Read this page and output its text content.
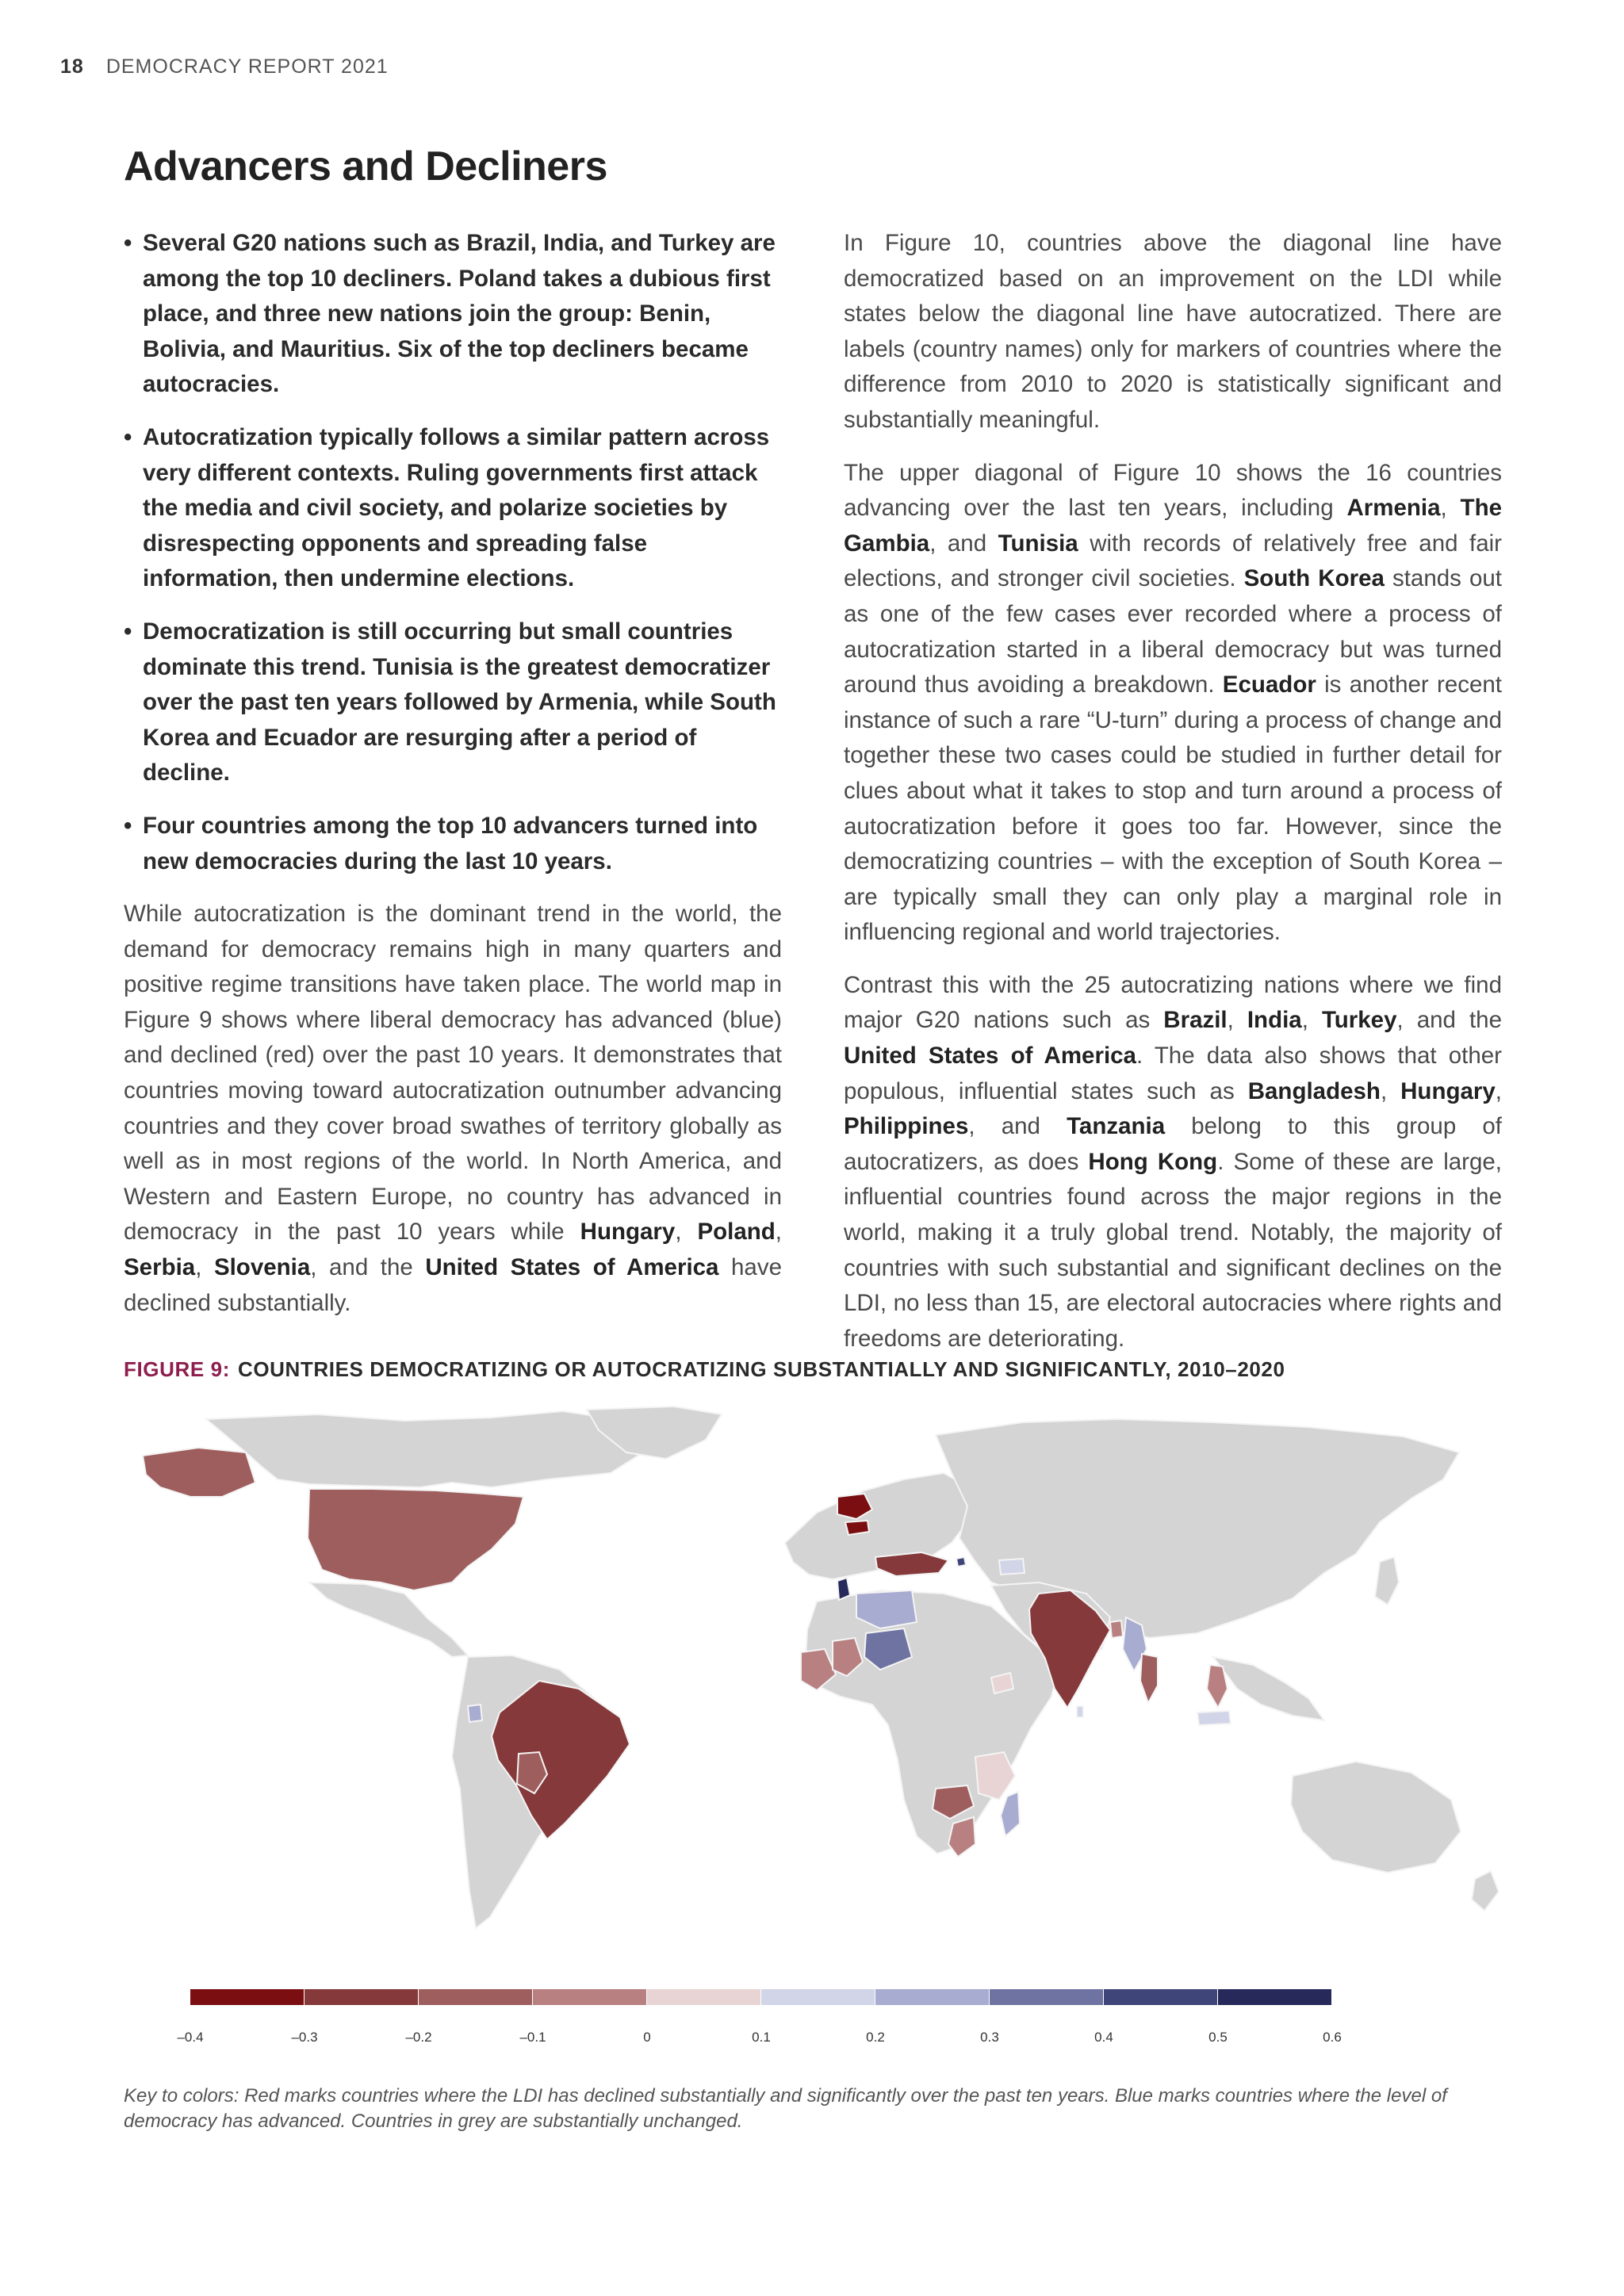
18 DEMOCRACY REPORT 2021
Advancers and Decliners
• Several G20 nations such as Brazil, India, and Turkey are among the top 10 decliners. Poland takes a dubious first place, and three new nations join the group: Benin, Bolivia, and Mauritius. Six of the top decliners became autocracies.
• Autocratization typically follows a similar pattern across very different contexts. Ruling governments first attack the media and civil society, and polarize societies by disrespecting opponents and spreading false information, then undermine elections.
• Democratization is still occurring but small countries dominate this trend. Tunisia is the greatest democratizer over the past ten years followed by Armenia, while South Korea and Ecuador are resurging after a period of decline.
• Four countries among the top 10 advancers turned into new democracies during the last 10 years.

While autocratization is the dominant trend in the world, the demand for democracy remains high in many quarters and positive regime transitions have taken place. The world map in Figure 9 shows where liberal democracy has advanced (blue) and declined (red) over the past 10 years. It demonstrates that countries moving toward autocratization outnumber advancing countries and they cover broad swathes of territory globally as well as in most regions of the world. In North America, and Western and Eastern Europe, no country has advanced in democracy in the past 10 years while Hungary, Poland, Serbia, Slovenia, and the United States of America have declined substantially.

In Figure 10, countries above the diagonal line have democratized based on an improvement on the LDI while states below the diagonal line have autocratized. There are labels (country names) only for markers of countries where the difference from 2010 to 2020 is statistically significant and substantially meaningful.

The upper diagonal of Figure 10 shows the 16 countries advancing over the last ten years, including Armenia, The Gambia, and Tunisia with records of relatively free and fair elections, and stronger civil societies. South Korea stands out as one of the few cases ever recorded where a process of autocratization started in a liberal democracy but was turned around thus avoiding a breakdown. Ecuador is another recent instance of such a rare “U-turn” during a process of change and together these two cases could be studied in further detail for clues about what it takes to stop and turn around a process of autocratization before it goes too far. However, since the democratizing countries – with the exception of South Korea – are typically small they can only play a marginal role in influencing regional and world trajectories.

Contrast this with the 25 autocratizing nations where we find major G20 nations such as Brazil, India, Turkey, and the United States of America. The data also shows that other populous, influential states such as Bangladesh, Hungary, Philippines, and Tanzania belong to this group of autocratizers, as does Hong Kong. Some of these are large, influential countries found across the major regions in the world, making it a truly global trend. Notably, the majority of countries with such substantial and significant declines on the LDI, no less than 15, are electoral autocracies where rights and freedoms are deteriorating.

FIGURE 9: COUNTRIES DEMOCRATIZING OR AUTOCRATIZING SUBSTANTIALLY AND SIGNIFICANTLY, 2010–2020
–0.4	–0.3	–0.2	–0.1	0	0.1	0.2	0.3	0.4	0.5	0.6
Key to colors: Red marks countries where the LDI has declined substantially and significantly over the past ten years. Blue marks countries where the level of democracy has advanced. Countries in grey are substantially unchanged.
